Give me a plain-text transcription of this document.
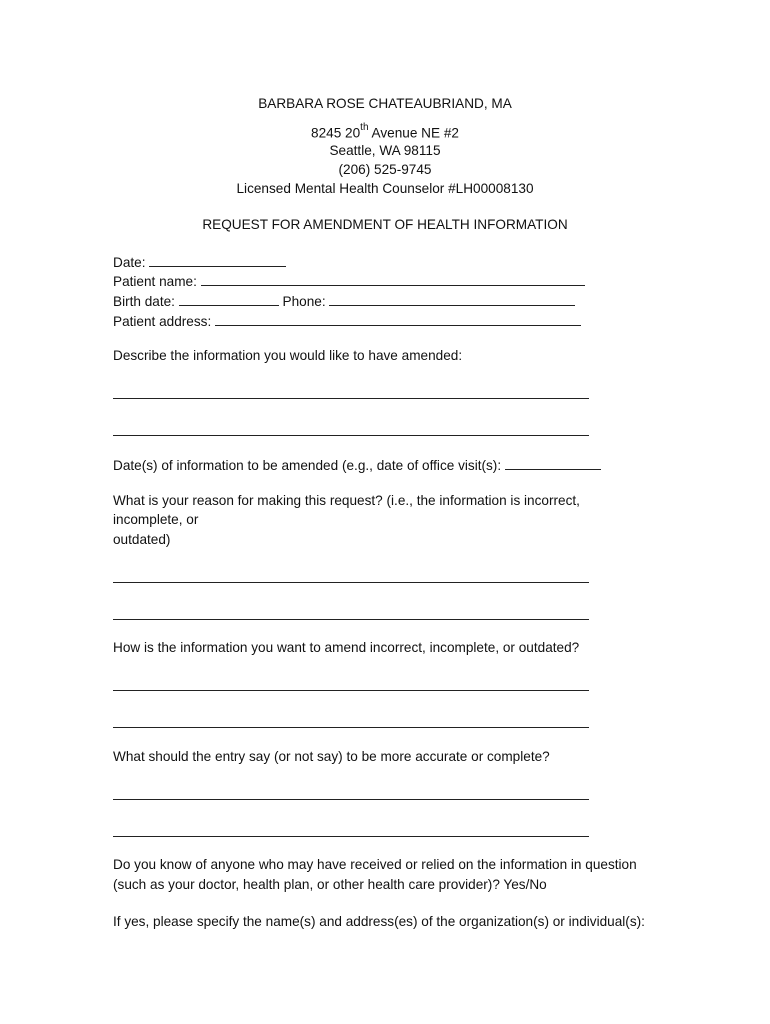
BARBARA ROSE CHATEAUBRIAND, MA
8245 20th Avenue NE #2
Seattle, WA 98115
(206) 525-9745
Licensed Mental Health Counselor #LH00008130
REQUEST FOR AMENDMENT OF HEALTH INFORMATION
Date:
Patient name:
Birth date:	Phone:
Patient address:
Describe the information you would like to have amended:
Date(s) of information to be amended (e.g., date of office visit(s):
What is your reason for making this request? (i.e., the information is incorrect,
incomplete, or
outdated)
How is the information you want to amend incorrect, incomplete, or outdated?
What should the entry say (or not say) to be more accurate or complete?
Do you know of anyone who may have received or relied on the information in question
(such as your doctor, health plan, or other health care provider)? Yes/No
If yes, please specify the name(s) and address(es) of the organization(s) or individual(s):
